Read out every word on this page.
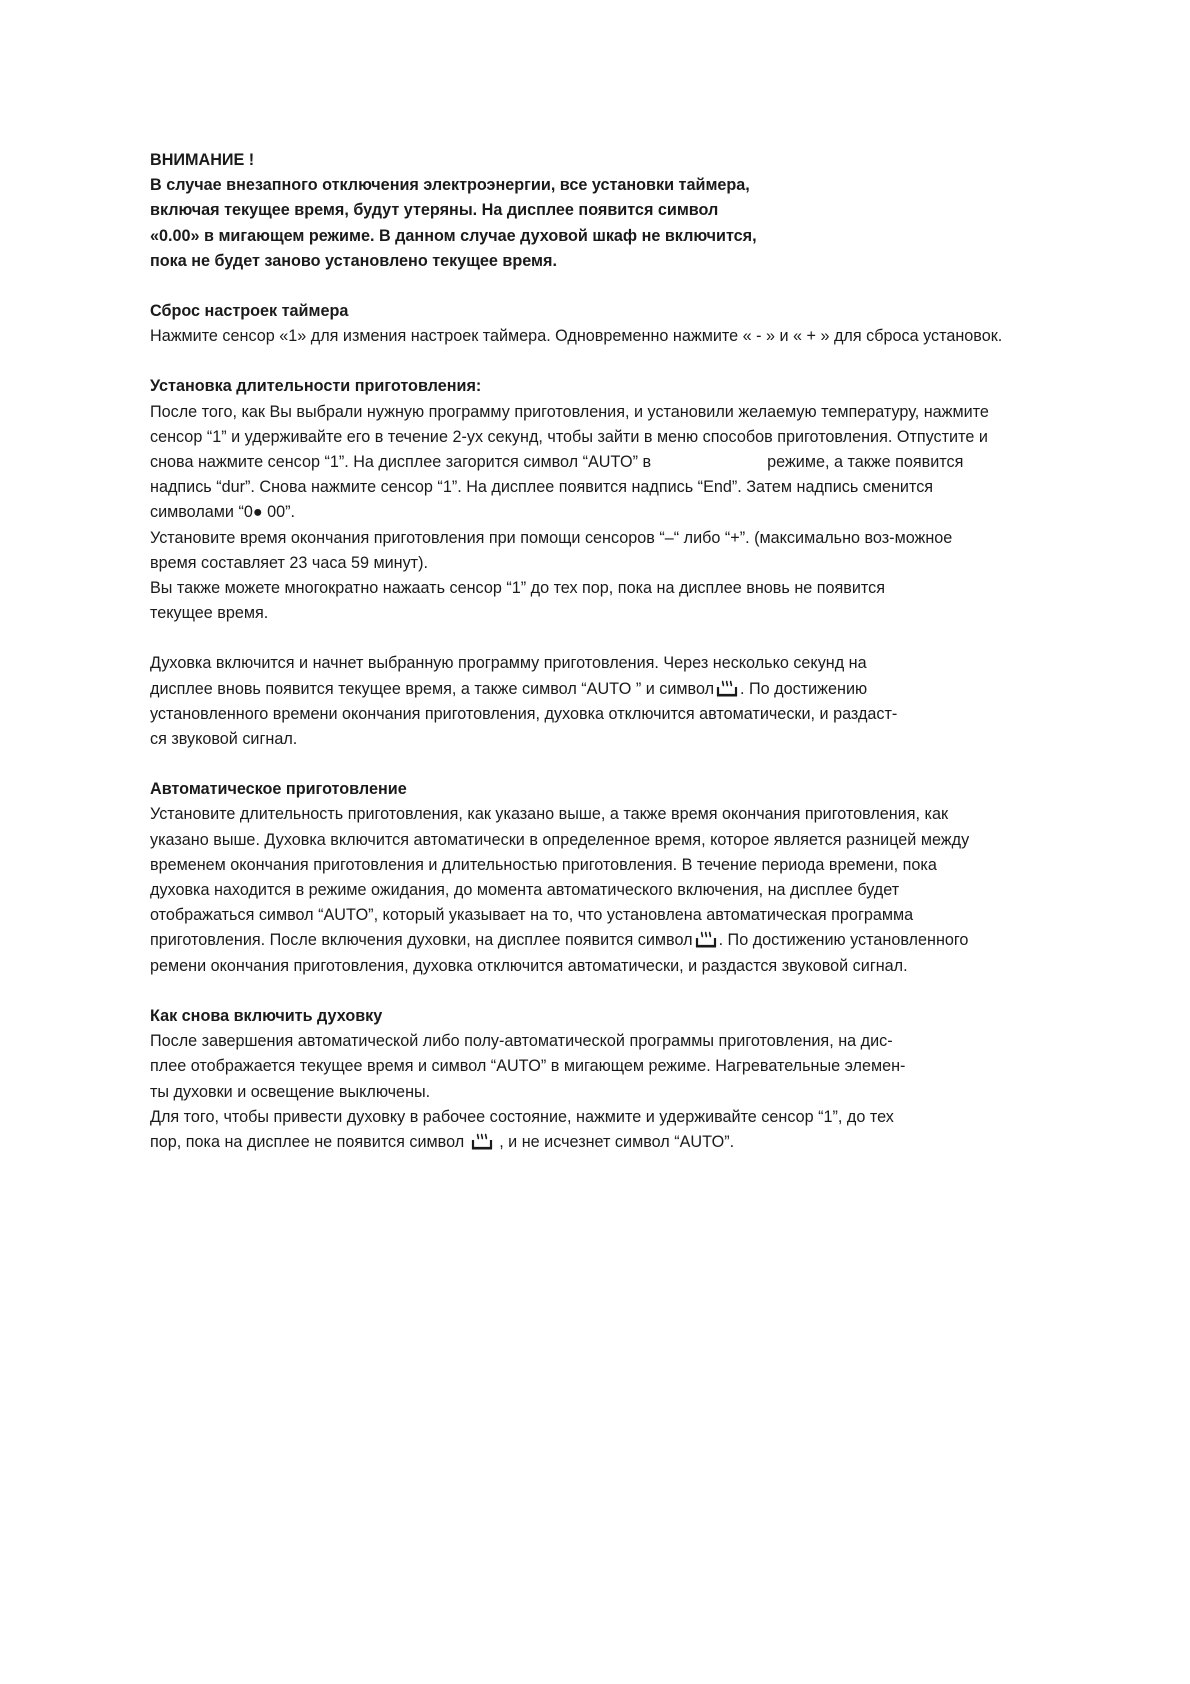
ВНИМАНИЕ !
В случае внезапного отключения электроэнергии, все установки таймера,
включая текущее время, будут утеряны. На дисплее появится символ
«0.00» в мигающем режиме. В данном случае духовой шкаф не включится,
пока не будет заново установлено текущее время.
Сброс настроек таймера
Нажмите сенсор «1» для измения настроек таймера. Одновременно нажмите « - » и « + » для сброса установок.
Установка длительности приготовления:
После того, как Вы выбрали нужную программу приготовления, и установили желаемую температуру, нажмите
сенсор “1” и удерживайте его в течение 2-ух секунд, чтобы зайти в меню способов приготовления. Отпустите и
снова нажмите сенсор “1”. На дисплее загорится символ “AUTO” в	режиме, а также появится
надпись “dur”. Снова нажмите сенсор “1”. На дисплее появится надпись “End”. Затем надпись сменится
символами “0● 00”.
Установите время окончания приготовления при помощи сенсоров “–“ либо “+”. (максимально воз-можное
время составляет 23 часа 59 минут).
Вы также можете многократно нажаать сенсор “1” до тех пор, пока на дисплее вновь не появится
текущее время.
Духовка включится и начнет выбранную программу приготовления. Через несколько секунд на
дисплее вновь появится текущее время, а также символ “AUTO ” и символ . По достижению
установленного времени окончания приготовления, духовка отключится автоматически, и раздаст-
ся звуковой сигнал.
Автоматическое приготовление
Установите длительность приготовления, как указано выше, а также время окончания приготовления, как
указано выше. Духовка включится автоматически в определенное время, которое является разницей между
временем окончания приготовления и длительностью приготовления. В течение периода времени, пока
духовка находится в режиме ожидания, до момента автоматического включения, на дисплее будет
отображаться символ “AUTO”, который указывает на то, что установлена автоматическая программа
приготовления. После включения духовки, на дисплее появится символ . По достижению установленного
ремени окончания приготовления, духовка отключится автоматически, и раздастся звуковой сигнал.
Как снова включить духовку
После завершения автоматической либо полу-автоматической программы приготовления, на дис-
плее отображается текущее время и символ “AUTO” в мигающем режиме. Нагревательные элемен-
ты духовки и освещение выключены.
Для того, чтобы привести духовку в рабочее состояние, нажмите и удерживайте сенсор “1”, до тех
пор, пока на дисплее не появится символ , и не исчезнет символ “AUTO”.
